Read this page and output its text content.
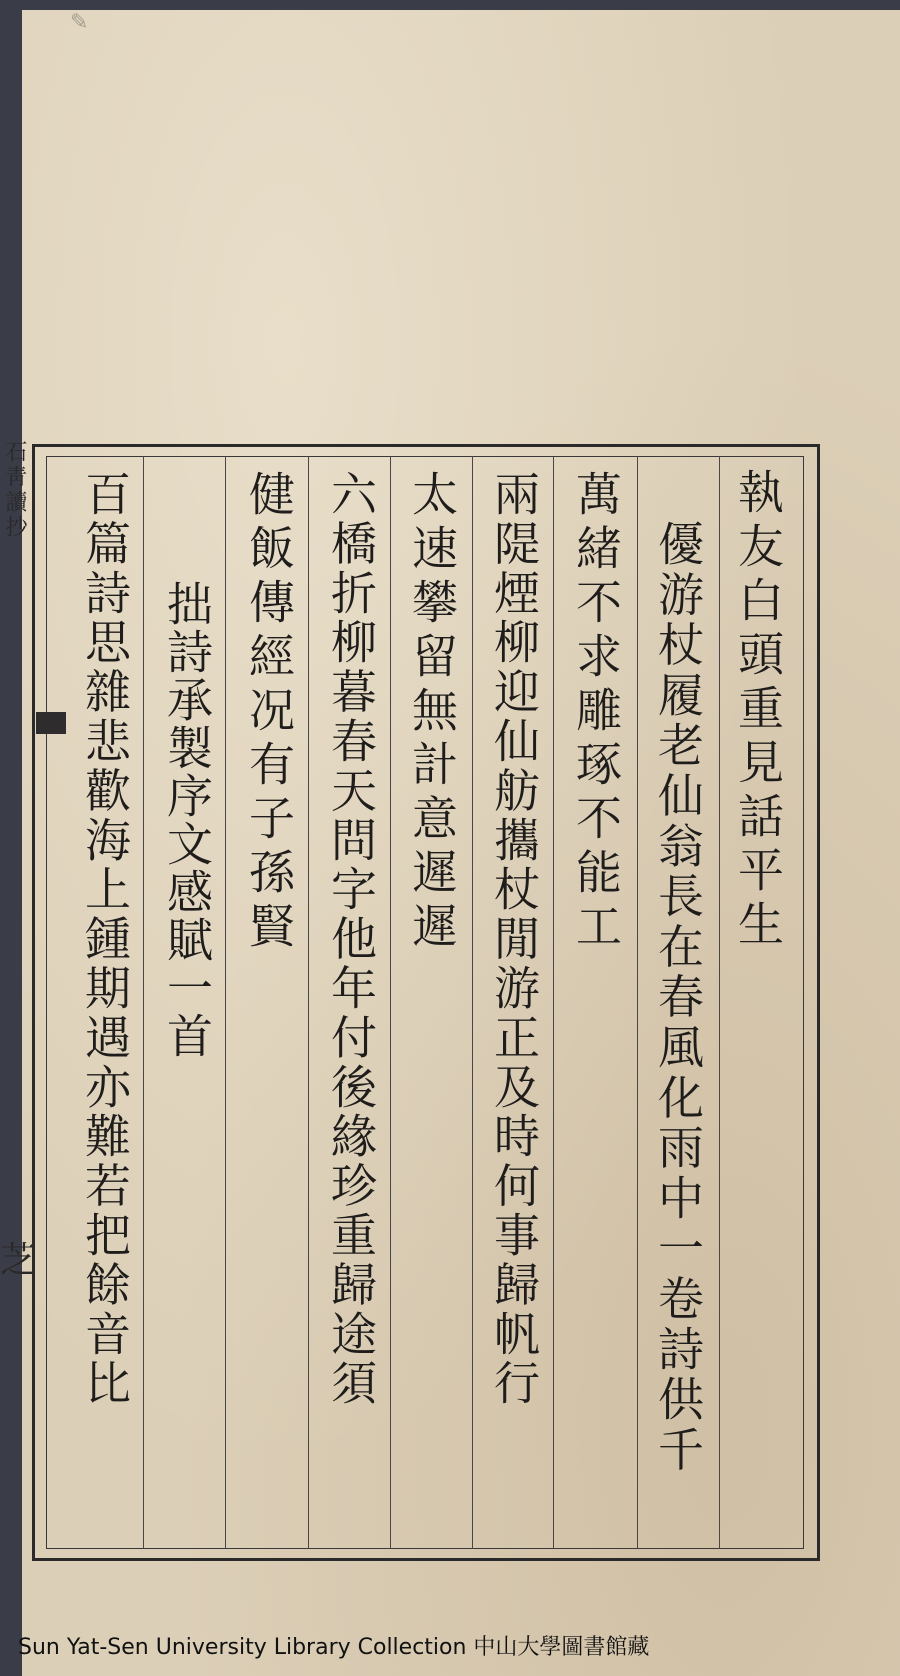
✎
執友白頭重見話平生
優游杖履老仙翁長在春風化雨中一卷詩供千
萬緒不求雕琢不能工
兩隄煙柳迎仙舫攜杖閒游正及時何事歸帆行
太速攀留無計意遲遲
六橋折柳暮春天問字他年付後緣珍重歸途須
健飯傳經况有子孫賢
拙詩承製序文感賦一首
百篇詩思雜悲歡海上鍾期遇亦難若把餘音比
石靑讀抄
芝
Sun Yat-Sen University Library Collection 中山大學圖書館藏
